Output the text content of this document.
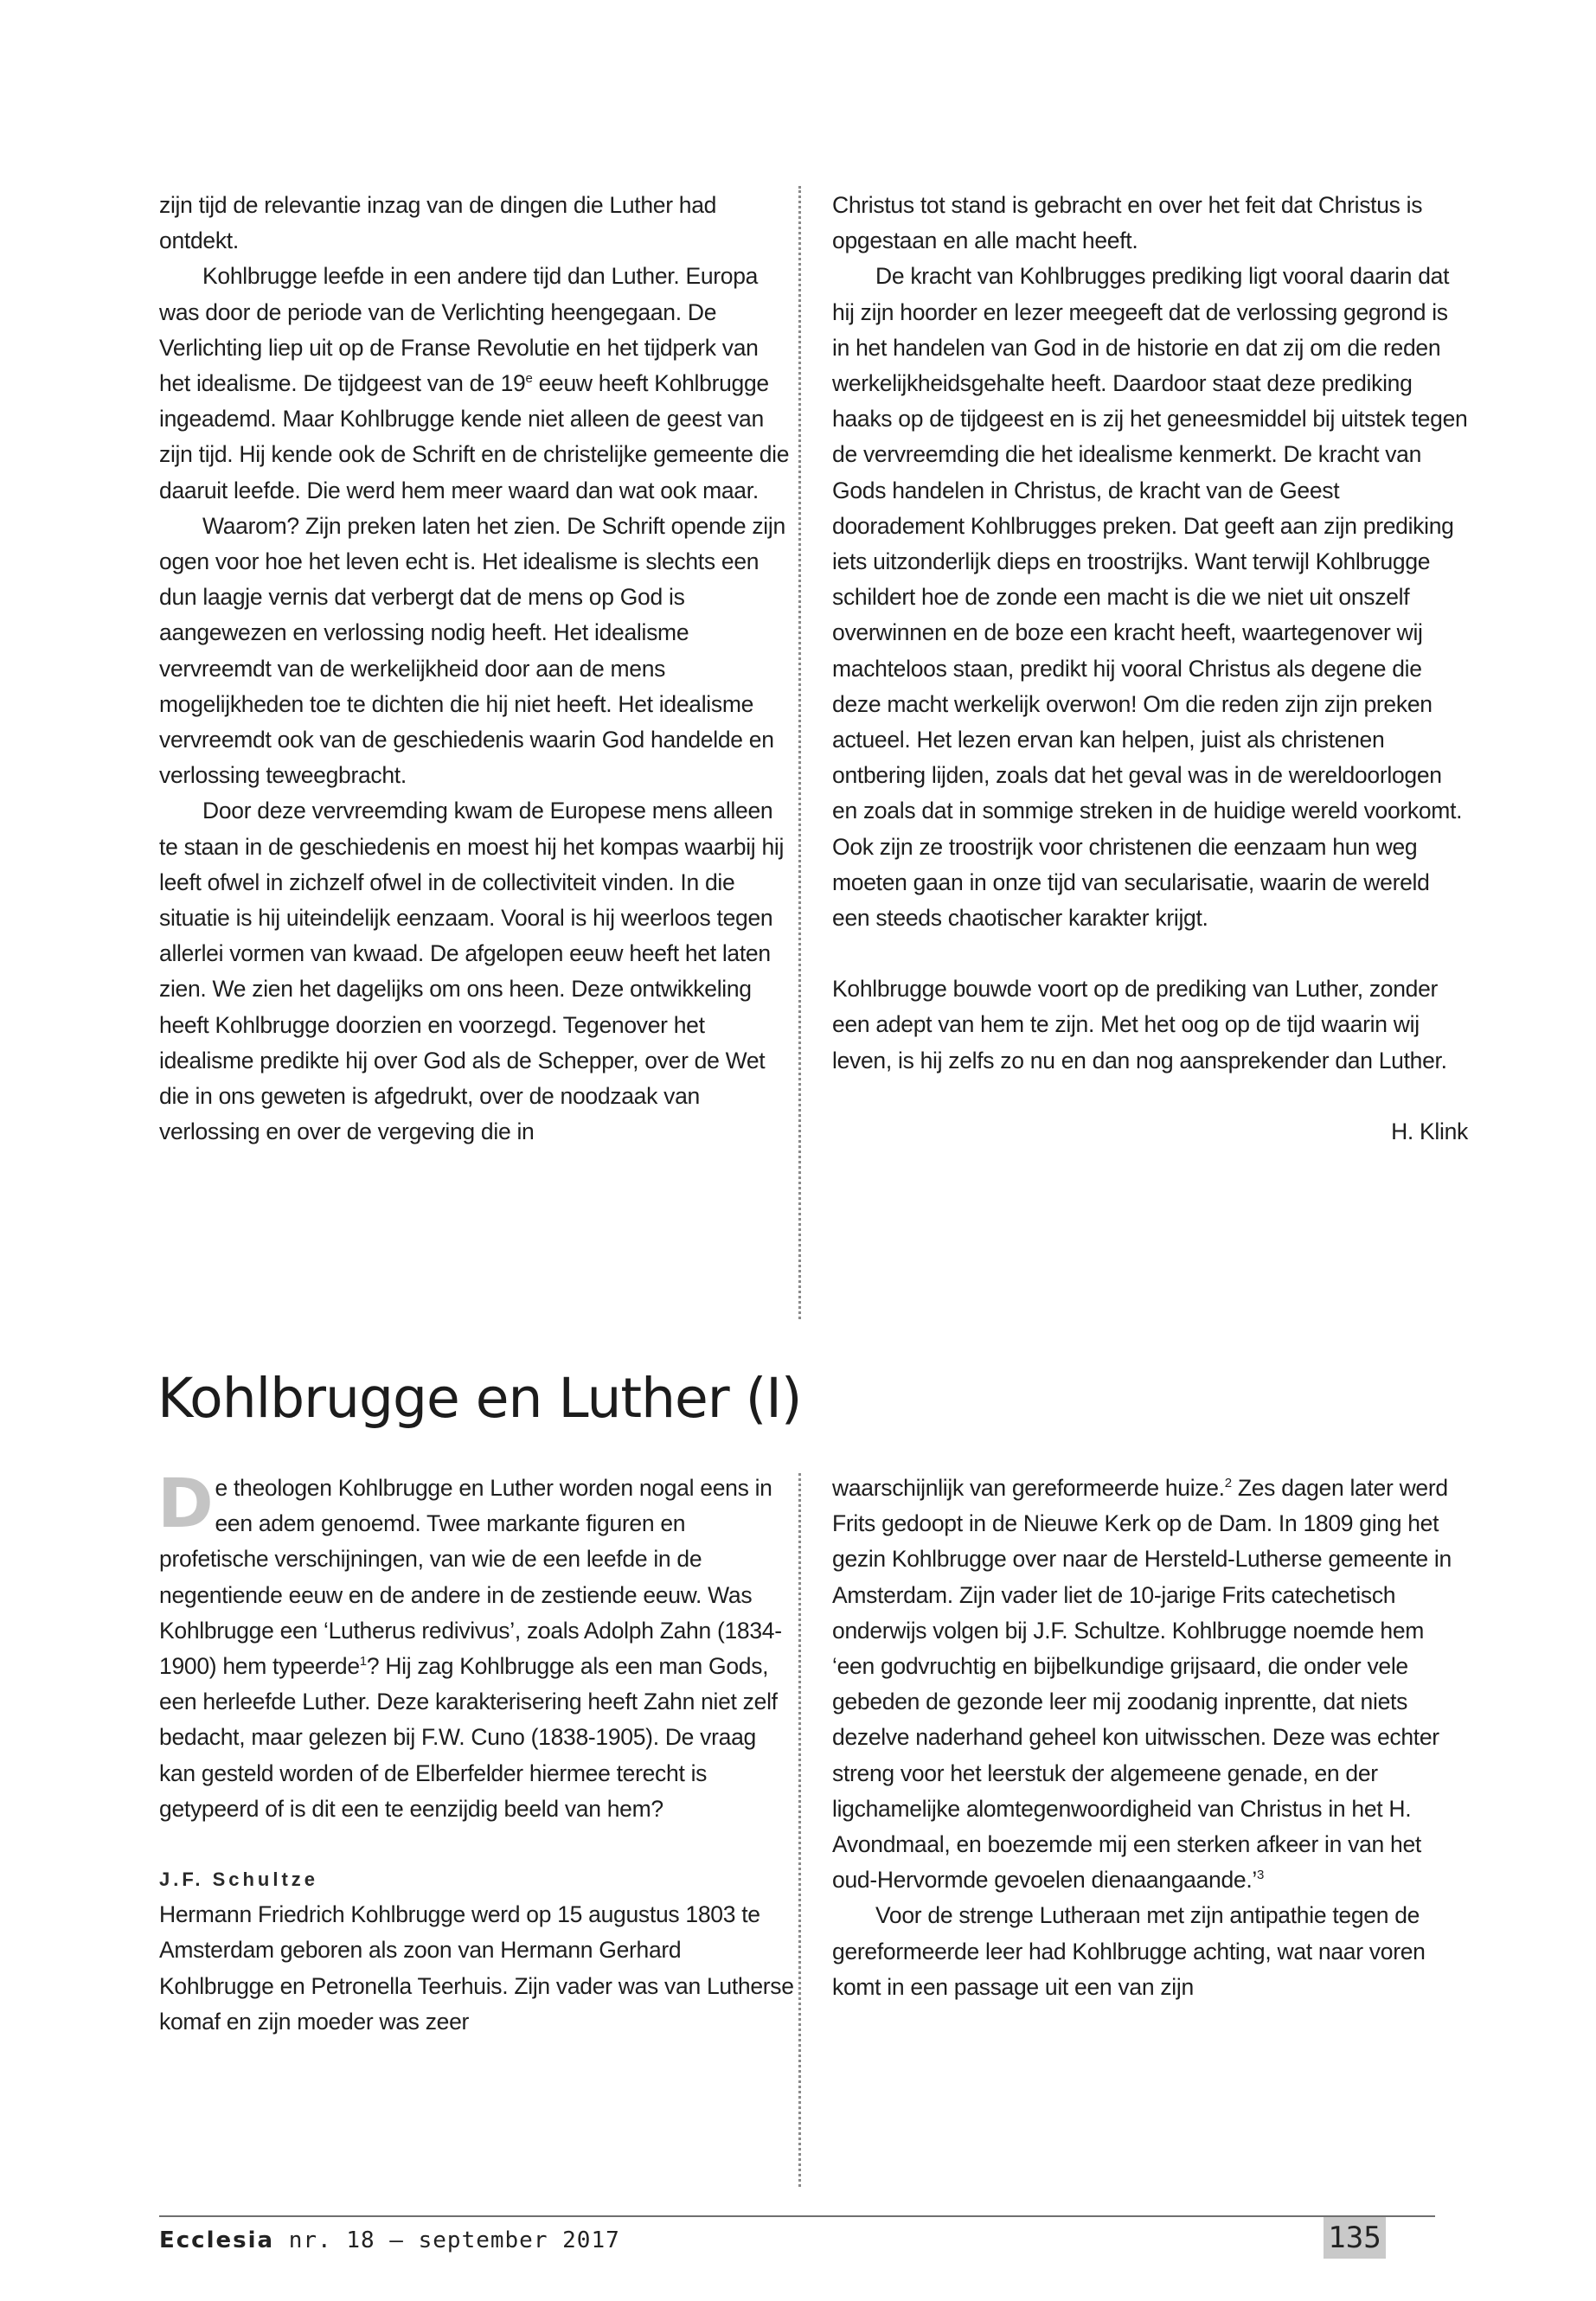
zijn tijd de relevantie inzag van de dingen die Luther had ontdekt.

Kohlbrugge leefde in een andere tijd dan Luther. Europa was door de periode van de Verlichting heengegaan. De Verlichting liep uit op de Franse Revolutie en het tijdperk van het idealisme. De tijdgeest van de 19e eeuw heeft Kohlbrugge ingeademd. Maar Kohlbrugge kende niet alleen de geest van zijn tijd. Hij kende ook de Schrift en de christelijke gemeente die daaruit leefde. Die werd hem meer waard dan wat ook maar.

Waarom? Zijn preken laten het zien. De Schrift opende zijn ogen voor hoe het leven echt is. Het idealisme is slechts een dun laagje vernis dat verbergt dat de mens op God is aangewezen en verlossing nodig heeft. Het idealisme vervreemdt van de werkelijkheid door aan de mens mogelijkheden toe te dichten die hij niet heeft. Het idealisme vervreemdt ook van de geschiedenis waarin God handelde en verlossing teweegbracht.

Door deze vervreemding kwam de Europese mens alleen te staan in de geschiedenis en moest hij het kompas waarbij hij leeft ofwel in zichzelf ofwel in de collectiviteit vinden. In die situatie is hij uiteindelijk eenzaam. Vooral is hij weerloos tegen allerlei vormen van kwaad. De afgelopen eeuw heeft het laten zien. We zien het dagelijks om ons heen. Deze ontwikkeling heeft Kohlbrugge doorzien en voorzegd. Tegenover het idealisme predikte hij over God als de Schepper, over de Wet die in ons geweten is afgedrukt, over de noodzaak van verlossing en over de vergeving die in

Christus tot stand is gebracht en over het feit dat Christus is opgestaan en alle macht heeft.

De kracht van Kohlbrugges prediking ligt vooral daarin dat hij zijn hoorder en lezer meegeeft dat de verlossing gegrond is in het handelen van God in de historie en dat zij om die reden werkelijkheidsgehalte heeft. Daardoor staat deze prediking haaks op de tijdgeest en is zij het geneesmiddel bij uitstek tegen de vervreemding die het idealisme kenmerkt. De kracht van Gods handelen in Christus, de kracht van de Geest dooradement Kohlbrugges preken. Dat geeft aan zijn prediking iets uitzonderlijk dieps en troostrijks. Want terwijl Kohlbrugge schildert hoe de zonde een macht is die we niet uit onszelf overwinnen en de boze een kracht heeft, waartegenover wij machteloos staan, predikt hij vooral Christus als degene die deze macht werkelijk overwon! Om die reden zijn zijn preken actueel. Het lezen ervan kan helpen, juist als christenen ontbering lijden, zoals dat het geval was in de wereldoorlogen en zoals dat in sommige streken in de huidige wereld voorkomt. Ook zijn ze troostrijk voor christenen die eenzaam hun weg moeten gaan in onze tijd van secularisatie, waarin de wereld een steeds chaotischer karakter krijgt.

Kohlbrugge bouwde voort op de prediking van Luther, zonder een adept van hem te zijn. Met het oog op de tijd waarin wij leven, is hij zelfs zo nu en dan nog aansprekender dan Luther.

H. Klink

Kohlbrugge en Luther (I)

De theologen Kohlbrugge en Luther worden nogal eens in een adem genoemd. Twee markante figuren en profetische verschijningen, van wie de een leefde in de negentiende eeuw en de andere in de zestiende eeuw. Was Kohlbrugge een ‘Lutherus redivivus’, zoals Adolph Zahn (1834-1900) hem typeerde$^1$? Hij zag Kohlbrugge als een man Gods, een herleefde Luther. Deze karakterisering heeft Zahn niet zelf bedacht, maar gelezen bij F.W. Cuno (1838-1905). De vraag kan gesteld worden of de Elberfelder hiermee terecht is getypeerd of is dit een te eenzijdig beeld van hem?

J.F. Schultze

Hermann Friedrich Kohlbrugge werd op 15 augustus 1803 te Amsterdam geboren als zoon van Hermann Gerhard Kohlbrugge en Petronella Teerhuis. Zijn vader was van Lutherse komaf en zijn moeder was zeer

waarschijnlijk van gereformeerde huize.$^2$ Zes dagen later werd Frits gedoopt in de Nieuwe Kerk op de Dam. In 1809 ging het gezin Kohlbrugge over naar de Hersteld-Lutherse gemeente in Amsterdam. Zijn vader liet de 10-jarige Frits catechetisch onderwijs volgen bij J.F. Schultze. Kohlbrugge noemde hem ‘een godvruchtig en bijbelkundige grijsaard, die onder vele gebeden de gezonde leer mij zoodanig inprentte, dat niets dezelve naderhand geheel kon uitwisschen. Deze was echter streng voor het leerstuk der algemeene genade, en der ligchamelijke alomtegenwoordigheid van Christus in het H. Avondmaal, en boezemde mij een sterken afkeer in van het oud-Hervormde gevoelen dienaangaande.’$^3$

Voor de strenge Lutheraan met zijn antipathie tegen de gereformeerde leer had Kohlbrugge achting, wat naar voren komt in een passage uit een van zijn

Ecclesia nr. 18 — september 2017	135
